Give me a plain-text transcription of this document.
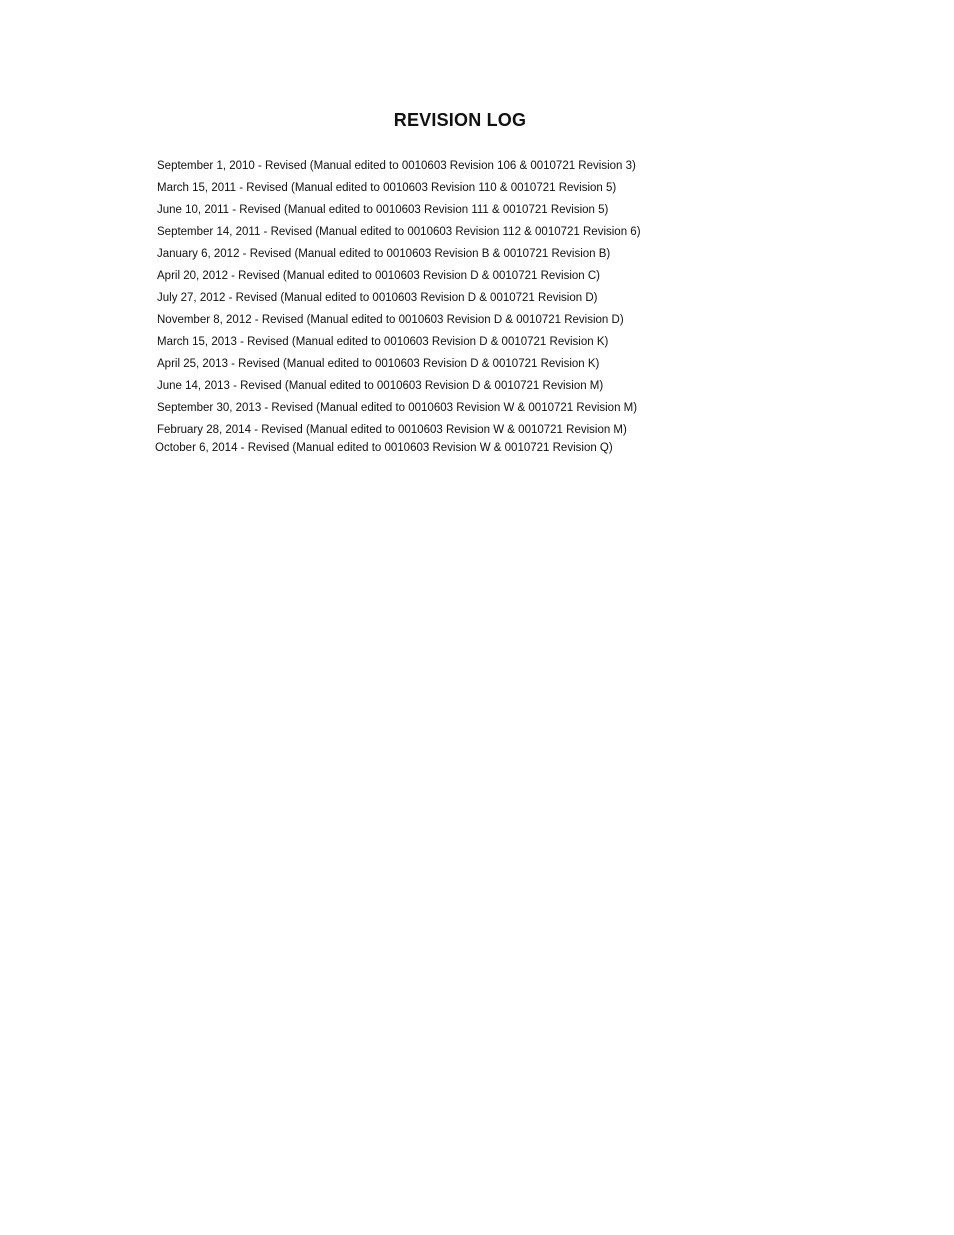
REVISION LOG
September 1, 2010 - Revised (Manual edited to 0010603 Revision 106 & 0010721 Revision 3)
March 15, 2011 - Revised (Manual edited to 0010603 Revision 110 & 0010721 Revision 5)
June 10, 2011 - Revised (Manual edited to 0010603 Revision 111 & 0010721 Revision 5)
September 14, 2011 - Revised (Manual edited to 0010603 Revision 112 & 0010721 Revision 6)
January 6, 2012 - Revised (Manual edited to 0010603 Revision B & 0010721 Revision B)
April 20, 2012 - Revised (Manual edited to 0010603 Revision D & 0010721 Revision C)
July 27, 2012 - Revised (Manual edited to 0010603 Revision D & 0010721 Revision D)
November 8, 2012 - Revised (Manual edited to 0010603 Revision D & 0010721 Revision D)
March 15, 2013 - Revised (Manual edited to 0010603 Revision D & 0010721 Revision K)
April 25, 2013 - Revised (Manual edited to 0010603 Revision D & 0010721 Revision K)
June 14, 2013 - Revised (Manual edited to 0010603 Revision D & 0010721 Revision M)
September 30, 2013 - Revised (Manual edited to 0010603 Revision W & 0010721 Revision M)
February 28, 2014 - Revised (Manual edited to 0010603 Revision W & 0010721 Revision M)
October 6, 2014 - Revised (Manual edited to 0010603 Revision W & 0010721 Revision Q)
